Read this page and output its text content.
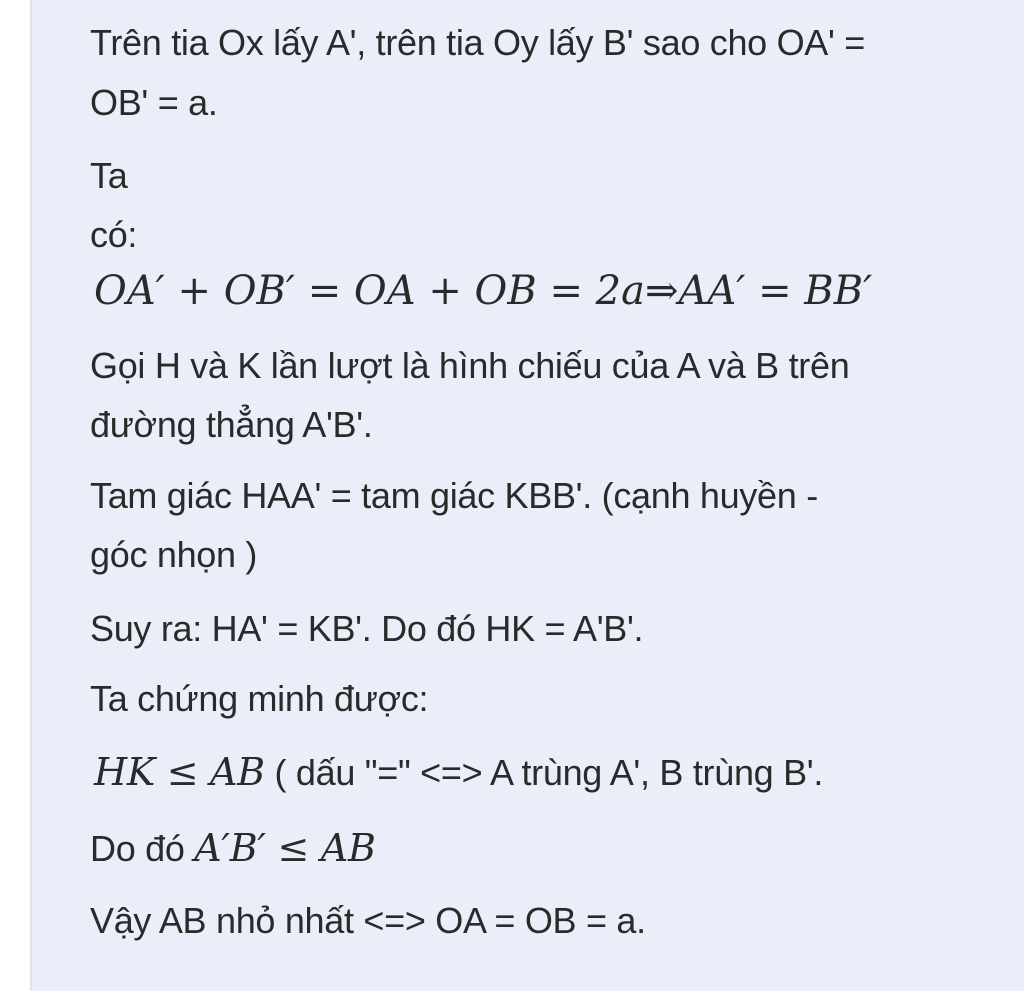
Trên tia Ox lấy A', trên tia Oy lấy B' sao cho OA' =
OB' = a.
Ta
có:
OA′ + OB′ = OA + OB = 2a⇒AA′ = BB′
Gọi H và K lần lượt là hình chiếu của A và B trên
đường thẳng A'B'.
Tam giác HAA' = tam giác KBB'. (cạnh huyền -
góc nhọn )
Suy ra: HA' = KB'. Do đó HK = A'B'.
Ta chứng minh được:
HK ≤ AB ( dấu "=" <=> A trùng A', B trùng B'.
Do đó A′B′ ≤ AB
Vậy AB nhỏ nhất <=> OA = OB = a.
